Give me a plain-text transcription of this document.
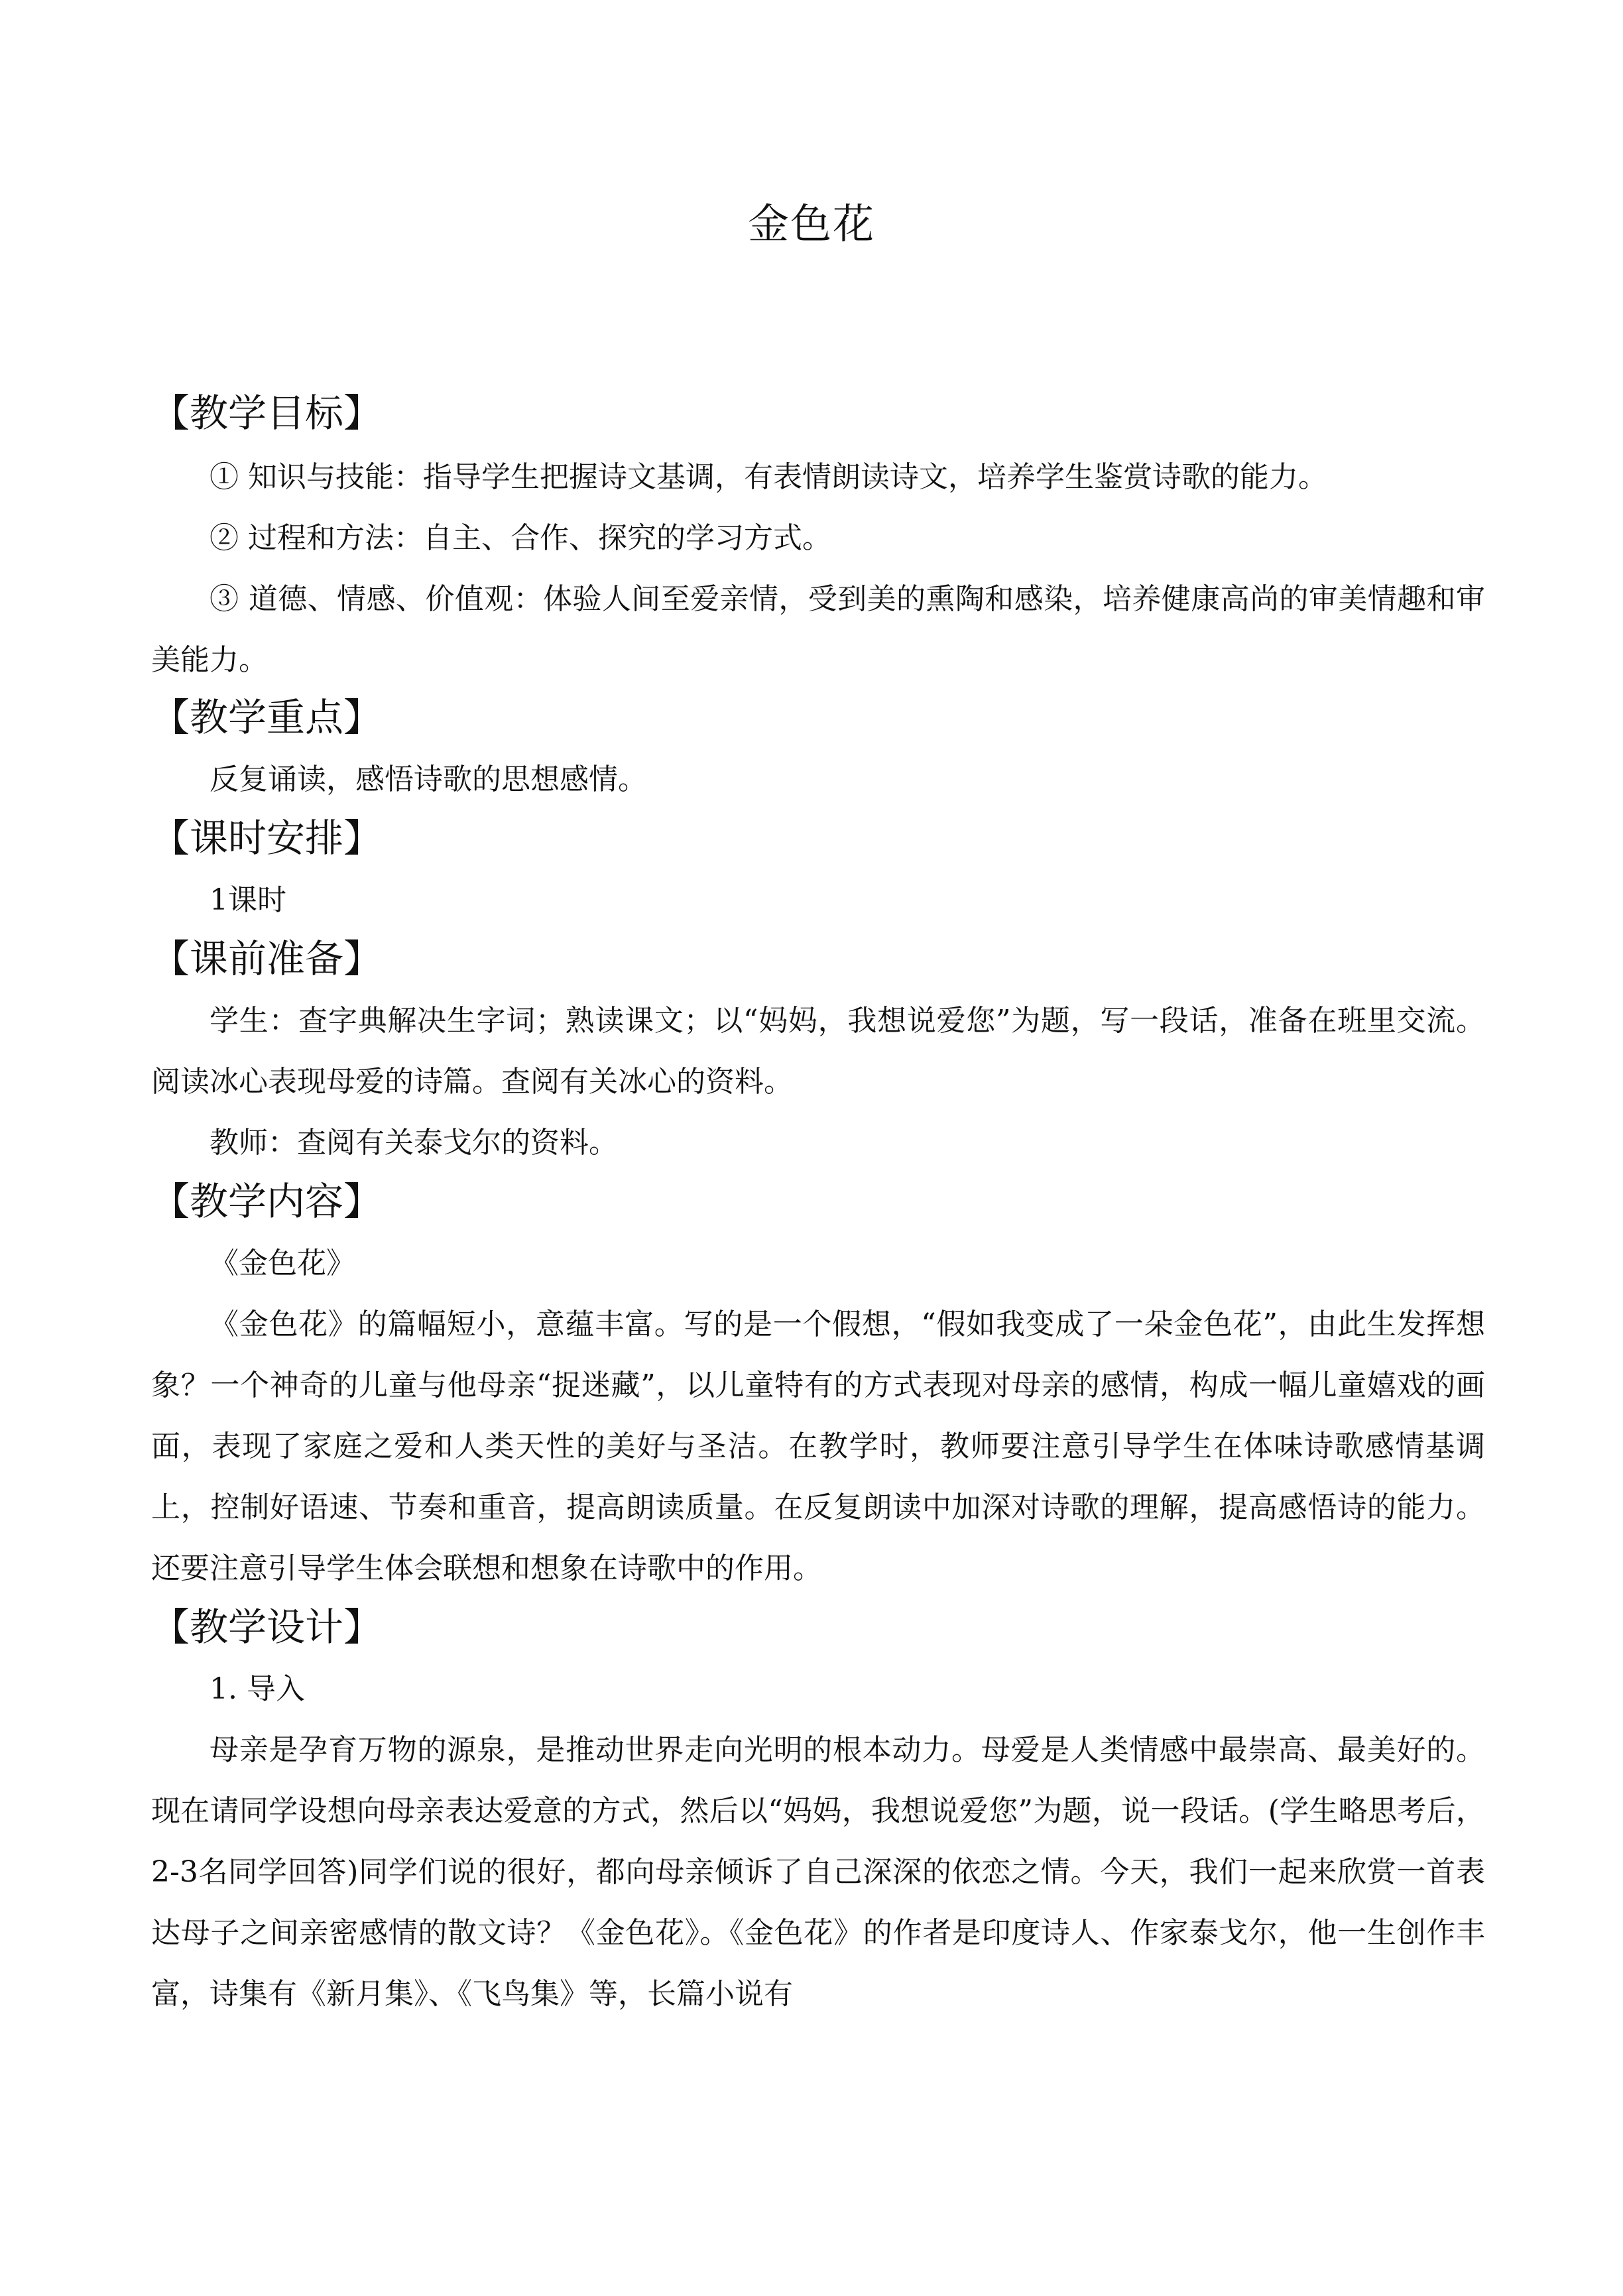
金色花
【教学目标】
① 知识与技能：指导学生把握诗文基调，有表情朗读诗文，培养学生鉴赏诗歌的能力。
② 过程和方法：自主、合作、探究的学习方式。
③ 道德、情感、价值观：体验人间至爱亲情，受到美的熏陶和感染，培养健康高尚的审美情趣和审美能力。
【教学重点】
反复诵读，感悟诗歌的思想感情。
【课时安排】
1课时
【课前准备】
学生：查字典解决生字词；熟读课文；以“妈妈，我想说爱您”为题，写一段话，准备在班里交流。阅读冰心表现母爱的诗篇。查阅有关冰心的资料。
教师：查阅有关泰戈尔的资料。
【教学内容】
《金色花》
《金色花》的篇幅短小，意蕴丰富。写的是一个假想，“假如我变成了一朵金色花”，由此生发挥想象？一个神奇的儿童与他母亲“捉迷藏”，以儿童特有的方式表现对母亲的感情，构成一幅儿童嬉戏的画面，表现了家庭之爱和人类天性的美好与圣洁。在教学时，教师要注意引导学生在体味诗歌感情基调上，控制好语速、节奏和重音，提高朗读质量。在反复朗读中加深对诗歌的理解，提高感悟诗的能力。还要注意引导学生体会联想和想象在诗歌中的作用。
【教学设计】
1. 导入
母亲是孕育万物的源泉，是推动世界走向光明的根本动力。母爱是人类情感中最崇高、最美好的。现在请同学设想向母亲表达爱意的方式，然后以“妈妈，我想说爱您”为题，说一段话。(学生略思考后，2-3名同学回答)同学们说的很好，都向母亲倾诉了自己深深的依恋之情。今天，我们一起来欣赏一首表达母子之间亲密感情的散文诗？《金色花》。《金色花》的作者是印度诗人、作家泰戈尔，他一生创作丰富，诗集有《新月集》、《飞鸟集》等，长篇小说有
